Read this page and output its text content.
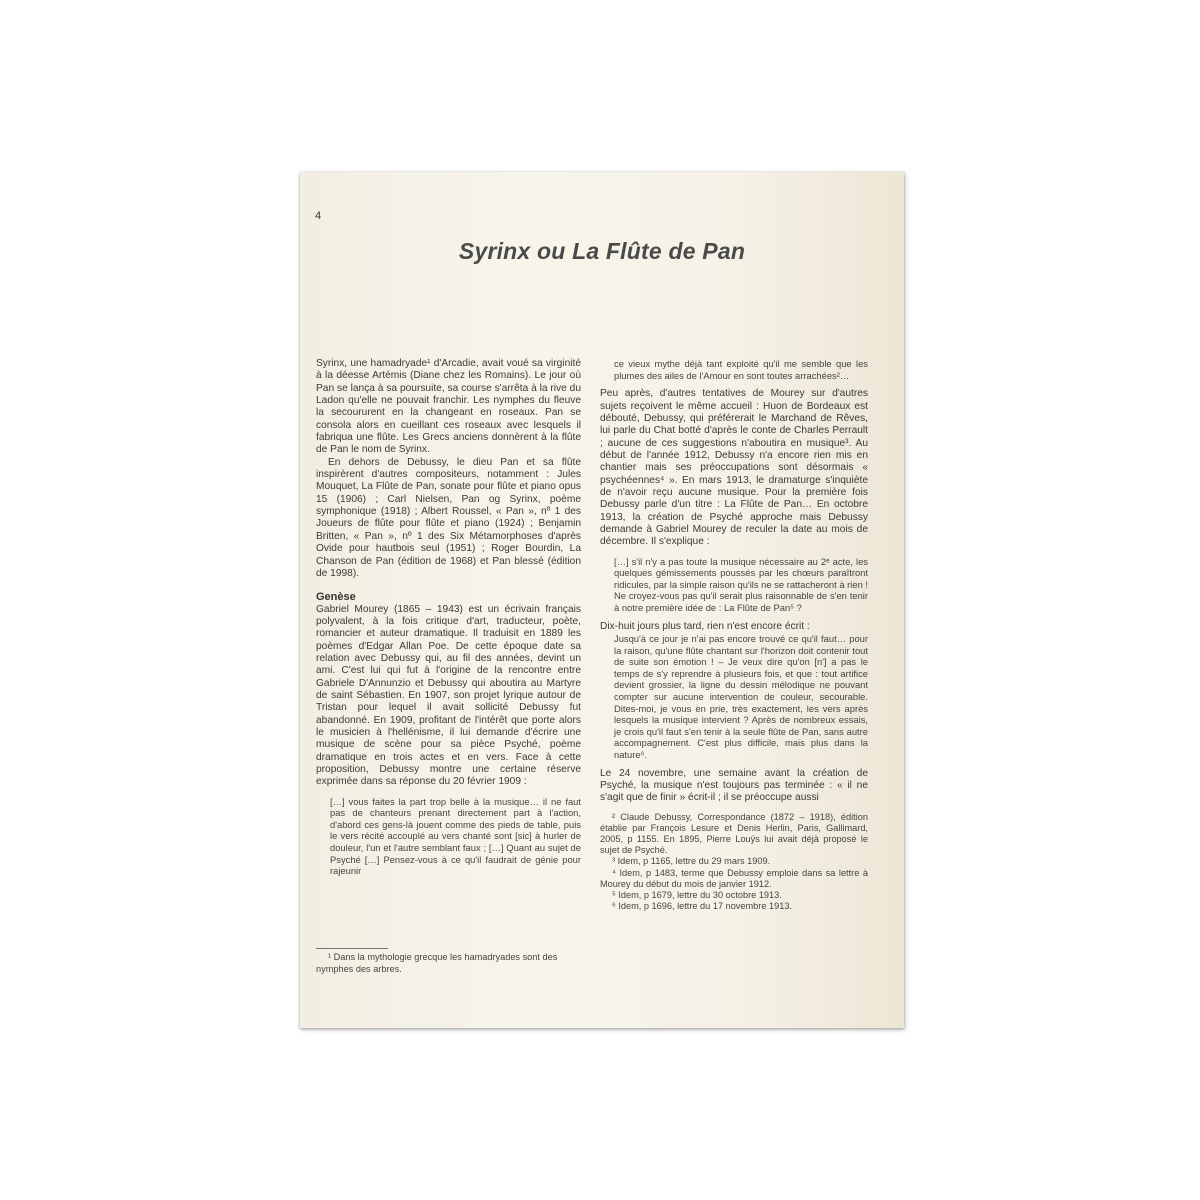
4
Syrinx ou La Flûte de Pan

Syrinx, une hamadryade¹ d'Arcadie, avait voué sa virginité à la déesse Artémis (Diane chez les Romains). Le jour où Pan se lança à sa poursuite, sa course s'arrêta à la rive du Ladon qu'elle ne pouvait franchir. Les nymphes du fleuve la secoururent en la changeant en roseaux. Pan se consola alors en cueillant ces roseaux avec lesquels il fabriqua une flûte. Les Grecs anciens donnèrent à la flûte de Pan le nom de Syrinx.

En dehors de Debussy, le dieu Pan et sa flûte inspirèrent d'autres compositeurs, notamment : Jules Mouquet, La Flûte de Pan, sonate pour flûte et piano opus 15 (1906) ; Carl Nielsen, Pan og Syrinx, poème symphonique (1918) ; Albert Roussel, « Pan », nº 1 des Joueurs de flûte pour flûte et piano (1924) ; Benjamin Britten, « Pan », nº 1 des Six Métamorphoses d'après Ovide pour hautbois seul (1951) ; Roger Bourdin, La Chanson de Pan (édition de 1968) et Pan blessé (édition de 1998).

Genèse

Gabriel Mourey (1865 – 1943) est un écrivain français polyvalent, à la fois critique d'art, traducteur, poète, romancier et auteur dramatique. Il traduisit en 1889 les poèmes d'Edgar Allan Poe. De cette époque date sa relation avec Debussy qui, au fil des années, devint un ami. C'est lui qui fut à l'origine de la rencontre entre Gabriele D'Annunzio et Debussy qui aboutira au Martyre de saint Sébastien. En 1907, son projet lyrique autour de Tristan pour lequel il avait sollicité Debussy fut abandonné. En 1909, profitant de l'intérêt que porte alors le musicien à l'hellénisme, il lui demande d'écrire une musique de scène pour sa pièce Psyché, poème dramatique en trois actes et en vers. Face à cette proposition, Debussy montre une certaine réserve exprimée dans sa réponse du 20 février 1909 :

[…] vous faites la part trop belle à la musique… il ne faut pas de chanteurs prenant directement part à l'action, d'abord ces gens-là jouent comme des pieds de table, puis le vers récité accouplé au vers chanté sont [sic] à hurler de douleur, l'un et l'autre semblant faux ; […] Quant au sujet de Psyché […] Pensez-vous à ce qu'il faudrait de génie pour rajeunir

¹ Dans la mythologie grecque les hamadryades sont des nymphes des arbres.

ce vieux mythe déjà tant exploité qu'il me semble que les plumes des ailes de l'Amour en sont toutes arrachées²…

Peu après, d'autres tentatives de Mourey sur d'autres sujets reçoivent le même accueil : Huon de Bordeaux est débouté, Debussy, qui préférerait le Marchand de Rêves, lui parle du Chat botté d'après le conte de Charles Perrault ; aucune de ces suggestions n'aboutira en musique³. Au début de l'année 1912, Debussy n'a encore rien mis en chantier mais ses préoccupations sont désormais « psychéennes⁴ ». En mars 1913, le dramaturge s'inquiète de n'avoir reçu aucune musique. Pour la première fois Debussy parle d'un titre : La Flûte de Pan… En octobre 1913, la création de Psyché approche mais Debussy demande à Gabriel Mourey de reculer la date au mois de décembre. Il s'explique :

[…] s'il n'y a pas toute la musique nécessaire au 2ᵉ acte, les quelques gémissements poussés par les chœurs paraîtront ridicules, par la simple raison qu'ils ne se rattacheront à rien ! Ne croyez-vous pas qu'il serait plus raisonnable de s'en tenir à notre première idée de : La Flûte de Pan⁵ ?

Dix-huit jours plus tard, rien n'est encore écrit :

Jusqu'à ce jour je n'ai pas encore trouvé ce qu'il faut… pour la raison, qu'une flûte chantant sur l'horizon doit contenir tout de suite son émotion ! – Je veux dire qu'on [n'] a pas le temps de s'y reprendre à plusieurs fois, et que : tout artifice devient grossier, la ligne du dessin mélodique ne pouvant compter sur aucune intervention de couleur, secourable. Dites-moi, je vous en prie, très exactement, les vers après lesquels la musique intervient ? Après de nombreux essais, je crois qu'il faut s'en tenir à la seule flûte de Pan, sans autre accompagnement. C'est plus difficile, mais plus dans la nature⁶.

Le 24 novembre, une semaine avant la création de Psyché, la musique n'est toujours pas terminée : « il ne s'agit que de finir » écrit-il ; il se préoccupe aussi

² Claude Debussy, Correspondance (1872 – 1918), édition établie par François Lesure et Denis Herlin, Paris, Gallimard, 2005, p 1155. En 1895, Pierre Louÿs lui avait déjà proposé le sujet de Psyché.

³ Idem, p 1165, lettre du 29 mars 1909.

⁴ Idem, p 1483, terme que Debussy emploie dans sa lettre à Mourey du début du mois de janvier 1912.

⁵ Idem, p 1679, lettre du 30 octobre 1913.

⁶ Idem, p 1696, lettre du 17 novembre 1913.
